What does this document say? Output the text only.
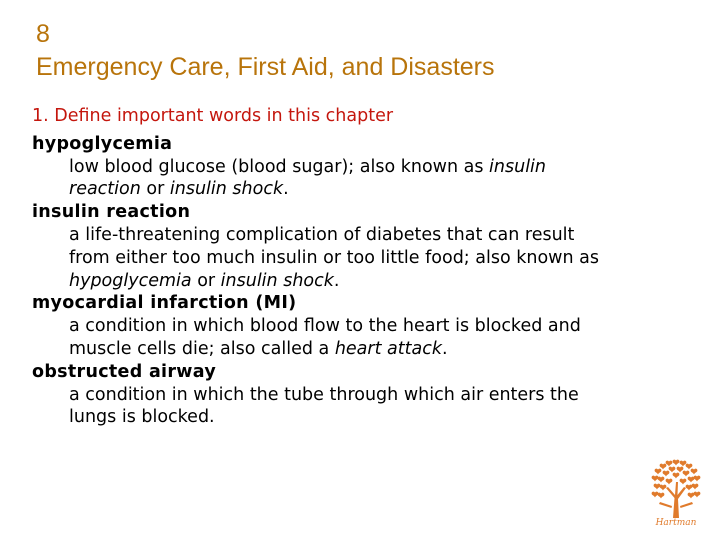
8
Emergency Care, First Aid, and Disasters
1. Define important words in this chapter
hypoglycemia
low blood glucose (blood sugar); also known as insulin
reaction or insulin shock.
insulin reaction
a life-threatening complication of diabetes that can result
from either too much insulin or too little food; also known as
hypoglycemia or insulin shock.
myocardial infarction (MI)
a condition in which blood flow to the heart is blocked and
muscle cells die; also called a heart attack.
obstructed airway
a condition in which the tube through which air enters the
lungs is blocked.
Hartman
